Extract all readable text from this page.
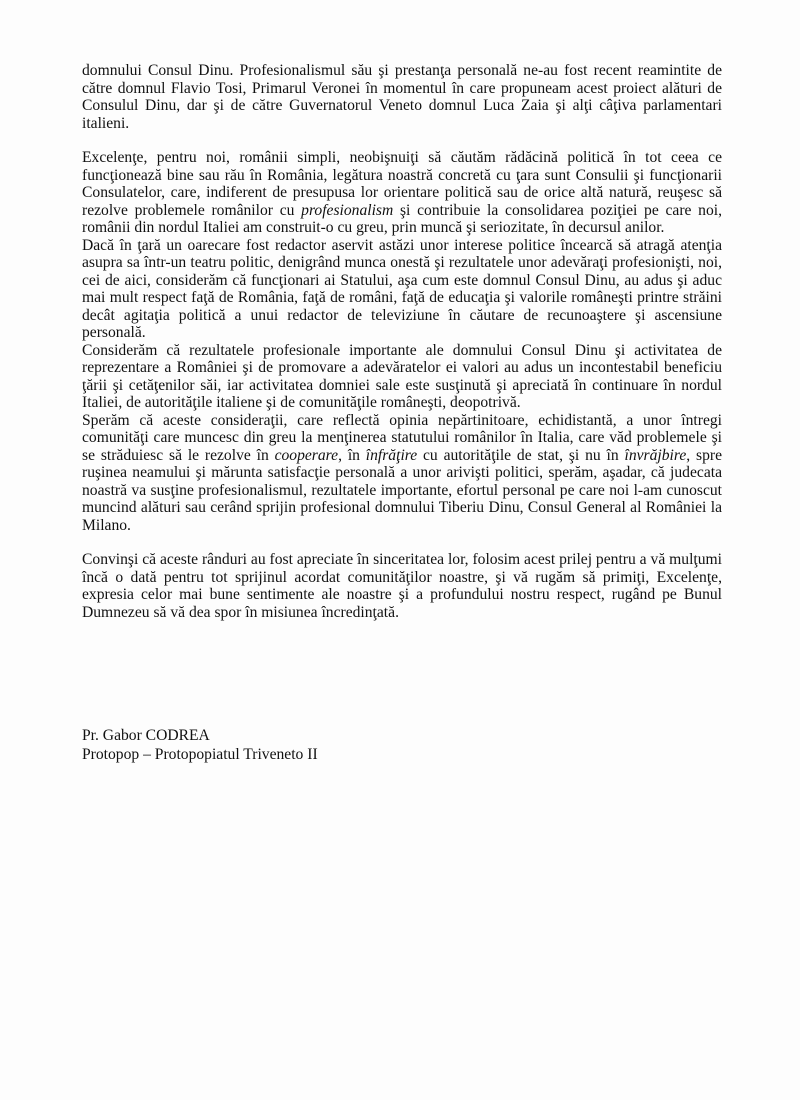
domnului Consul Dinu. Profesionalismul său şi prestanţa personală ne-au fost recent reamintite de către domnul Flavio Tosi, Primarul Veronei în momentul în care propuneam acest proiect alături de Consulul Dinu, dar şi de către Guvernatorul Veneto domnul Luca Zaia şi alţi câţiva parlamentari italieni.

Excelenţe, pentru noi, românii simpli, neobişnuiţi să căutăm rădăcină politică în tot ceea ce funcţionează bine sau rău în România, legătura noastră concretă cu ţara sunt Consulii şi funcţionarii Consulatelor, care, indiferent de presupusa lor orientare politică sau de orice altă natură, reuşesc să rezolve problemele românilor cu profesionalism şi contribuie la consolidarea poziţiei pe care noi, românii din nordul Italiei am construit-o cu greu, prin muncă şi seriozitate, în decursul anilor.

Dacă în ţară un oarecare fost redactor aservit astăzi unor interese politice încearcă să atragă atenţia asupra sa într-un teatru politic, denigrând munca onestă şi rezultatele unor adevăraţi profesionişti, noi, cei de aici, considerăm că funcţionari ai Statului, aşa cum este domnul Consul Dinu, au adus şi aduc mai mult respect faţă de România, faţă de români, faţă de educaţia şi valorile româneşti printre străini decât agitaţia politică a unui redactor de televiziune în căutare de recunoaştere şi ascensiune personală.

Considerăm că rezultatele profesionale importante ale domnului Consul Dinu şi activitatea de reprezentare a României şi de promovare a adevăratelor ei valori au adus un incontestabil beneficiu ţării şi cetăţenilor săi, iar activitatea domniei sale este susţinută şi apreciată în continuare în nordul Italiei, de autorităţile italiene şi de comunităţile româneşti, deopotrivă.

Sperăm că aceste consideraţii, care reflectă opinia nepărtinitoare, echidistantă, a unor întregi comunităţi care muncesc din greu la menţinerea statutului românilor în Italia, care văd problemele şi se străduiesc să le rezolve în cooperare, în înfrăţire cu autorităţile de stat, şi nu în învrăjbire, spre ruşinea neamului şi mărunta satisfacţie personală a unor arivişti politici, sperăm, aşadar, că judecata noastră va susţine profesionalismul, rezultatele importante, efortul personal pe care noi l-am cunoscut muncind alături sau cerând sprijin profesional domnului Tiberiu Dinu, Consul General al României la Milano.

Convinşi că aceste rânduri au fost apreciate în sinceritatea lor, folosim acest prilej pentru a vă mulţumi încă o dată pentru tot sprijinul acordat comunităţilor noastre, şi vă rugăm să primiţi, Excelenţe, expresia celor mai bune sentimente ale noastre şi a profundului nostru respect, rugând pe Bunul Dumnezeu să vă dea spor în misiunea încredinţată.

Pr. Gabor CODREA
Protopop – Protopopiatul Triveneto II
